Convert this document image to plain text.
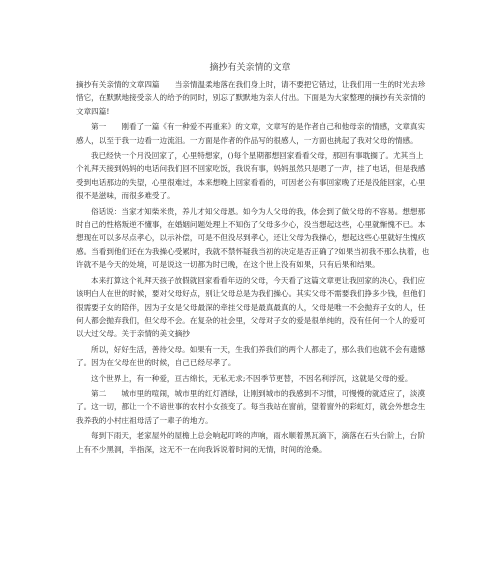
摘抄有关亲情的文章

摘抄有关亲情的文章四篇　　当亲情温柔地落在我们身上时，请不要把它错过，让我们用一生的时光去珍惜它，在默默地接受亲人的给予的同时，别忘了默默地为亲人付出。下面是为大家整理的摘抄有关亲情的文章四篇!

第一　　刚看了一篇《有一种爱不再重来》的文章，文章写的是作者自己和他母亲的情感，文章真实感人，以至于我一边看一边流泪。一方面是作者的作品写的很感人，一方面也挑起了我对父母的情感。

我已经快一个月没回家了，心里特想家，()每个星期都想回家看看父母，那回有事耽搁了。尤其当上个礼拜天接到妈妈的电话问我们回不回家吃饭，我说有事，妈妈虽然只是嗯了一声，挂了电话，但是我感受到电话那边的失望，心里很难过，本来想晚上回家看看的，可因老公有事回家晚了还是没能回家，心里很不是滋味，而很多难受了。

俗话说：当家才知柴米贵，养儿才知父母恩。如今为人父母的我，体会到了做父母的不容易。想想那时自己的性格叛逆不懂事，在婚姻问题处理上不知伤了父母多少心，没当想起这些，心里就惭愧不已。本想现在可以多尽点孝心，以示补偿，可是不但没尽到孝心，还让父母为我操心，想起这些心里就好生愧疚感。当看到他们还在为我操心受累时，我就不禁怀疑我当初的决定是否正确了?如果当初我不那么执着，也许就不是今天的处境，可是说这一切都为时已晚，在这个世上没有如果，只有后果和结果。

本来打算这个礼拜天孩子放假就回家看看年迈的父母，今天看了这篇文章更让我回家的决心，我们应该明白人在世的时候，要对父母好点，别让父母总是为我们操心。其实父母不需要我们挣多少钱，但他们很需要子女的陪伴，因为子女是父母最深的牵挂父母是最真最真的人，父母是唯一不会抛弃子女的人，任何人都会抛弃我们，但父母不会。在复杂的社会里，父母对子女的爱是很单纯的，没有任何一个人的爱可以大过父母。关于亲情的美文摘抄

所以，好好生活，善待父母。如果有一天，生我们养我们的两个人都走了，那么我们也就不会有遗憾了。因为在父母在世的时候，自己已经尽孝了。

这个世界上，有一种爱，亘古绵长，无私无求;不因季节更替，不因名利浮沉，这就是父母的爱。

第二　　城市里的喧闹，城市里的红灯酒绿，让刚到城市的我感到不习惯，可慢慢的就适应了，淡漠了。这一切，都让一个不谙世事的农村小女孩变了。每当我站在窗前，望着窗外的彩虹灯，就会外想念生我养我的小村庄祖母活了一辈子的地方。

每到下雨天，老家屋外的屋檐上总会响起叮咚的声响，雨水顺着黑瓦滴下，滴落在石头台阶上，台阶上有不少黑洞，半指深，这无不一在向我诉说着时间的无情，时间的沧桑。
